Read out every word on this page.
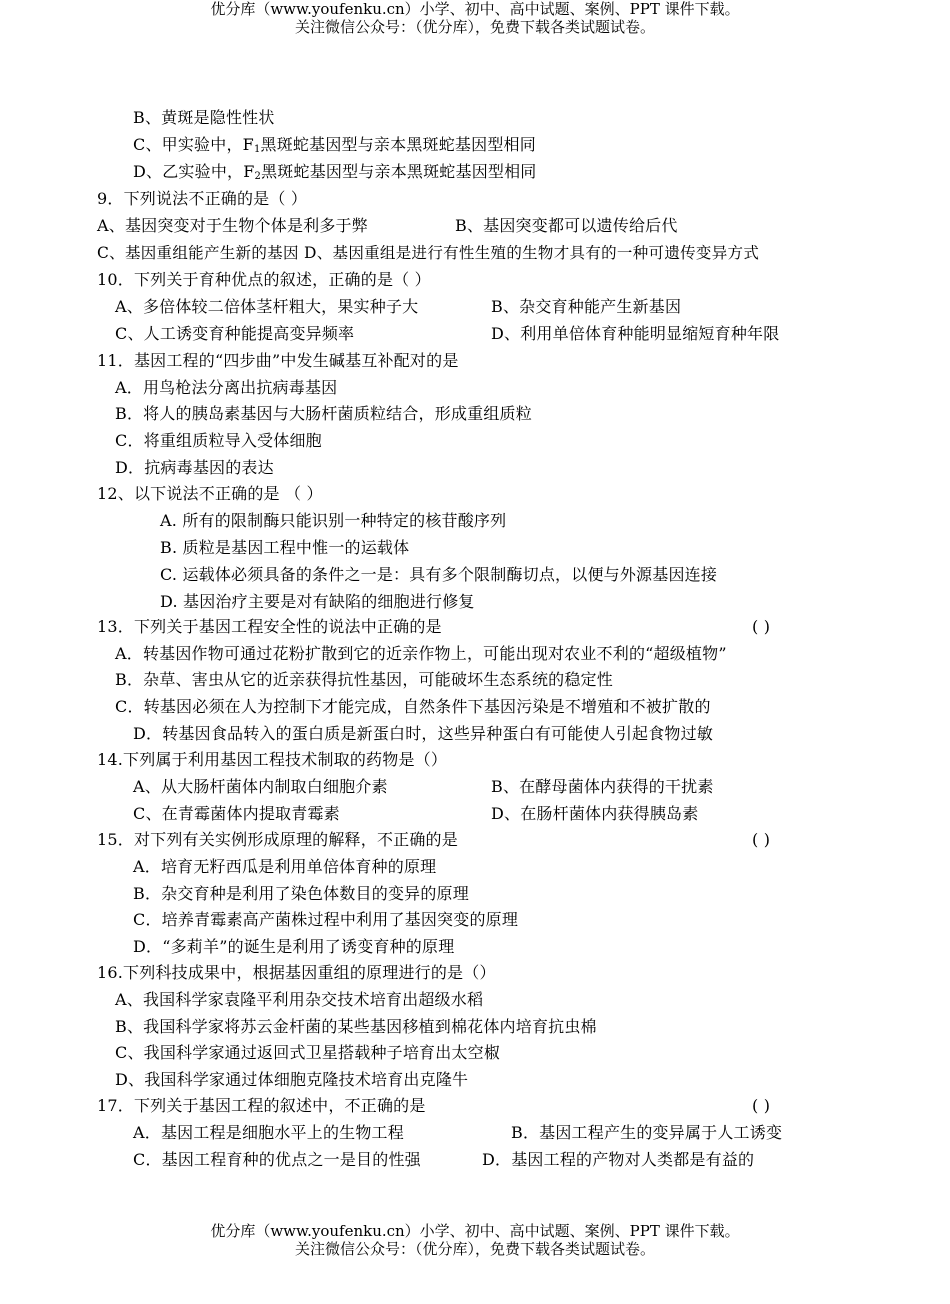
优分库（www.youfenku.cn）小学、初中、高中试题、案例、PPT 课件下载。
关注微信公众号：（优分库），免费下载各类试题试卷。
B、黄斑是隐性性状
C、甲实验中，$F_1$黑斑蛇基因型与亲本黑斑蛇基因型相同
D、乙实验中，$F_2$黑斑蛇基因型与亲本黑斑蛇基因型相同
9．下列说法不正确的是（ ）
A、基因突变对于生物个体是利多于弊	B、基因突变都可以遗传给后代
C、基因重组能产生新的基因 D、基因重组是进行有性生殖的生物才具有的一种可遗传变异方式
10．下列关于育种优点的叙述，正确的是（ ）
A、多倍体较二倍体茎杆粗大，果实种子大	B、杂交育种能产生新基因
C、人工诱变育种能提高变异频率	D、利用单倍体育种能明显缩短育种年限
11．基因工程的“四步曲”中发生碱基互补配对的是
A．用鸟枪法分离出抗病毒基因
B．将人的胰岛素基因与大肠杆菌质粒结合，形成重组质粒
C．将重组质粒导入受体细胞
D．抗病毒基因的表达
12、以下说法不正确的是 （ ）
A. 所有的限制酶只能识别一种特定的核苷酸序列
B. 质粒是基因工程中惟一的运载体
C. 运载体必须具备的条件之一是：具有多个限制酶切点，以便与外源基因连接
D. 基因治疗主要是对有缺陷的细胞进行修复
13．下列关于基因工程安全性的说法中正确的是	( )
A．转基因作物可通过花粉扩散到它的近亲作物上，可能出现对农业不利的“超级植物”
B．杂草、害虫从它的近亲获得抗性基因，可能破坏生态系统的稳定性
C．转基因必须在人为控制下才能完成，自然条件下基因污染是不增殖和不被扩散的
D．转基因食品转入的蛋白质是新蛋白时，这些异种蛋白有可能使人引起食物过敏
14.下列属于利用基因工程技术制取的药物是（）
A、从大肠杆菌体内制取白细胞介素	B、在酵母菌体内获得的干扰素
C、在青霉菌体内提取青霉素	D、在肠杆菌体内获得胰岛素
15．对下列有关实例形成原理的解释，不正确的是	( )
A．培育无籽西瓜是利用单倍体育种的原理
B．杂交育种是利用了染色体数目的变异的原理
C．培养青霉素高产菌株过程中利用了基因突变的原理
D．“多莉羊”的诞生是利用了诱变育种的原理
16.下列科技成果中，根据基因重组的原理进行的是（）
A、我国科学家袁隆平利用杂交技术培育出超级水稻
B、我国科学家将苏云金杆菌的某些基因移植到棉花体内培育抗虫棉
C、我国科学家通过返回式卫星搭载种子培育出太空椒
D、我国科学家通过体细胞克隆技术培育出克隆牛
17．下列关于基因工程的叙述中，不正确的是	( )
A．基因工程是细胞水平上的生物工程	B．基因工程产生的变异属于人工诱变
C．基因工程育种的优点之一是目的性强	D．基因工程的产物对人类都是有益的
优分库（www.youfenku.cn）小学、初中、高中试题、案例、PPT 课件下载。
关注微信公众号：（优分库），免费下载各类试题试卷。
